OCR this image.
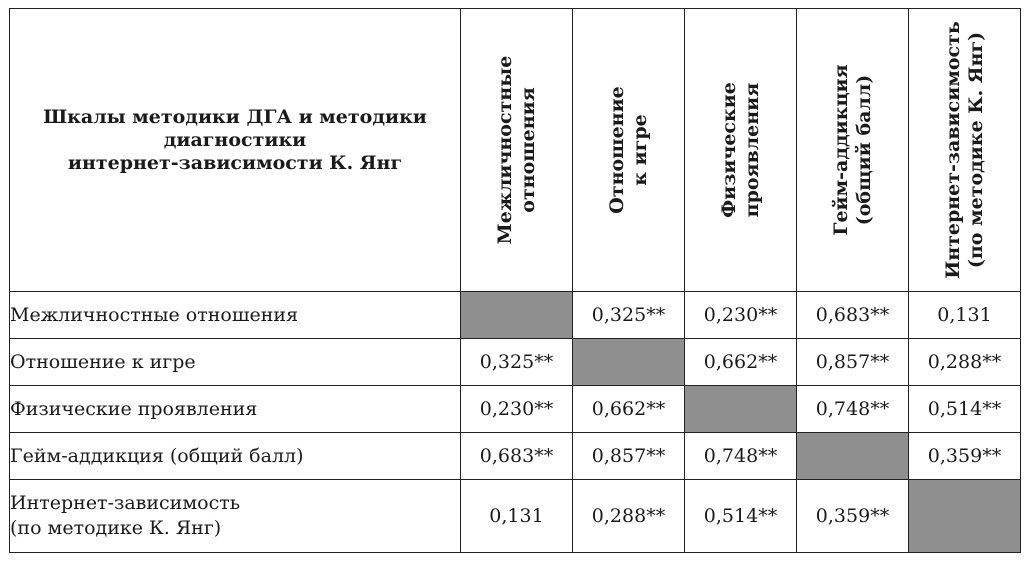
Шкалы методики ДГА и методики
диагностики
интернет-зависимости К. Янг	Межличностные отношения	Отношение к игре	Физические проявления	Гейм-аддикция (общий балл)	Интернет-зависимость (по методике К. Янг)

Межличностные отношения		0,325**	0,230**	0,683**	0,131
Отношение к игре	0,325**		0,662**	0,857**	0,288**
Физические проявления	0,230**	0,662**		0,748**	0,514**
Гейм-аддикция (общий балл)	0,683**	0,857**	0,748**		0,359**
Интернет-зависимость
(по методике К. Янг)	0,131	0,288**	0,514**	0,359**	
